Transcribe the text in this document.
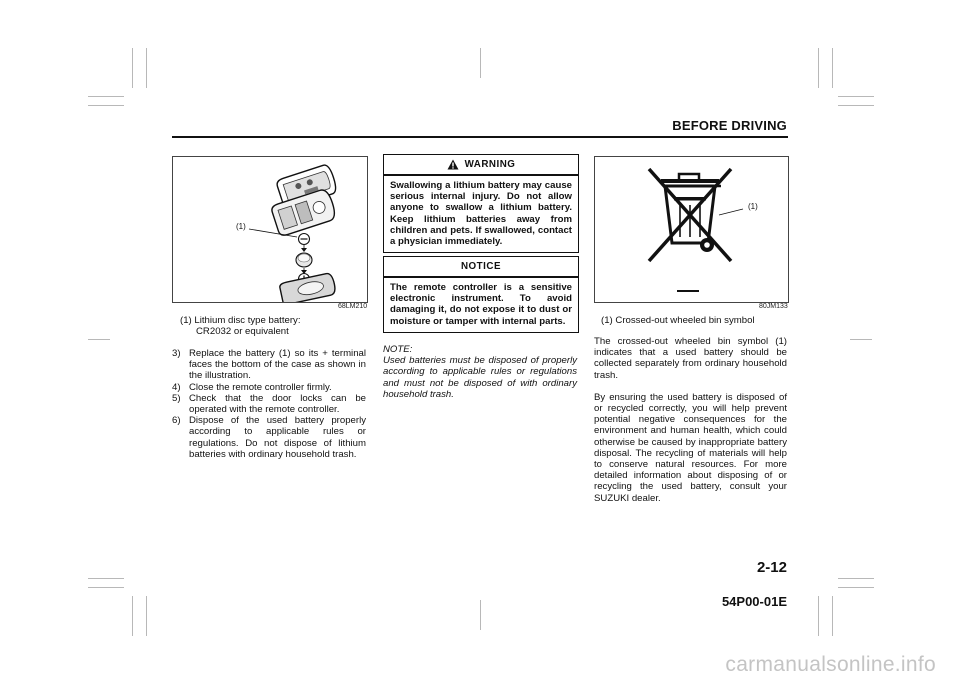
BEFORE DRIVING
(1)
68LM210
(1) Lithium disc type battery:
CR2032 or equivalent
3) Replace the battery (1) so its + terminal faces the bottom of the case as shown in the illustration.
4) Close the remote controller firmly.
5) Check that the door locks can be operated with the remote controller.
6) Dispose of the used battery properly according to applicable rules or regulations. Do not dispose of lithium batteries with ordinary household trash.
WARNING
Swallowing a lithium battery may cause serious internal injury. Do not allow anyone to swallow a lithium battery. Keep lithium batteries away from children and pets. If swallowed, contact a physician immediately.
NOTICE
The remote controller is a sensitive electronic instrument. To avoid damaging it, do not expose it to dust or moisture or tamper with internal parts.
NOTE:
Used batteries must be disposed of properly according to applicable rules or regulations and must not be disposed of with ordinary household trash.
(1)
80JM133
(1) Crossed-out wheeled bin symbol

The crossed-out wheeled bin symbol (1) indicates that a used battery should be collected separately from ordinary household trash.

By ensuring the used battery is disposed of or recycled correctly, you will help prevent potential negative consequences for the environment and human health, which could otherwise be caused by inappropriate battery disposal. The recycling of materials will help to conserve natural resources. For more detailed information about disposing of or recycling the used battery, consult your SUZUKI dealer.

2-12
54P00-01E
carmanualsonline.info
